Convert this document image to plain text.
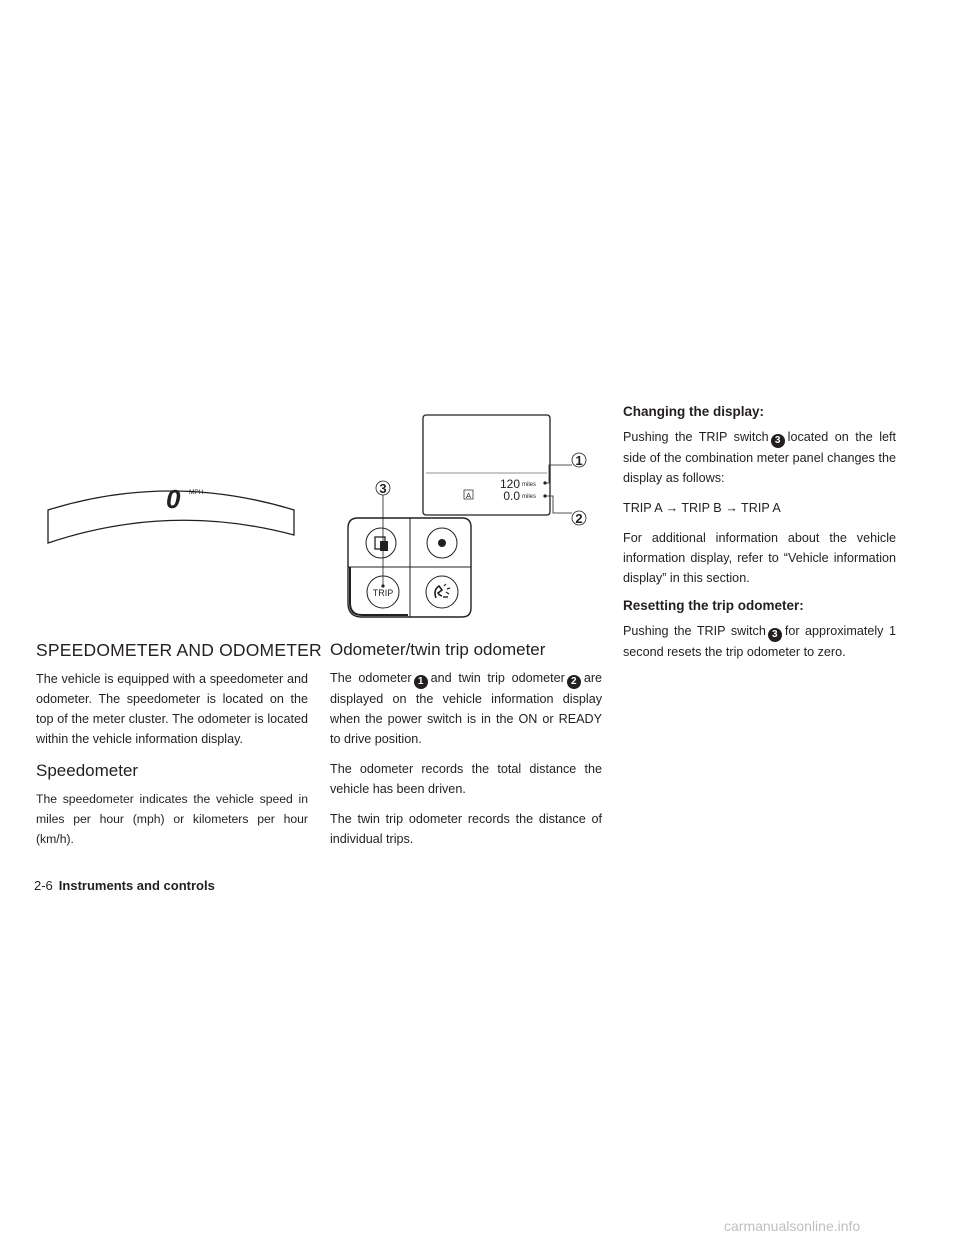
0 MPH
120 miles
A	0.0 miles
1
2
3
TRIP
SPEEDOMETER AND ODOMETER

The vehicle is equipped with a speedometer and odometer. The speedometer is located on the top of the meter cluster. The odometer is located within the vehicle information display.

Speedometer

The speedometer indicates the vehicle speed in miles per hour (mph) or kilometers per hour (km/h).

Odometer/twin trip odometer

The odometer 1 and twin trip odometer 2 are displayed on the vehicle information display when the power switch is in the ON or READY to drive position.

The odometer records the total distance the vehicle has been driven.

The twin trip odometer records the distance of individual trips.

Changing the display:

Pushing the TRIP switch 3 located on the left side of the combination meter panel changes the display as follows:

TRIP A → TRIP B → TRIP A

For additional information about the vehicle information display, refer to “Vehicle information display” in this section.

Resetting the trip odometer:

Pushing the TRIP switch 3 for approximately 1 second resets the trip odometer to zero.

2-6 Instruments and controls
carmanualsonline.info
